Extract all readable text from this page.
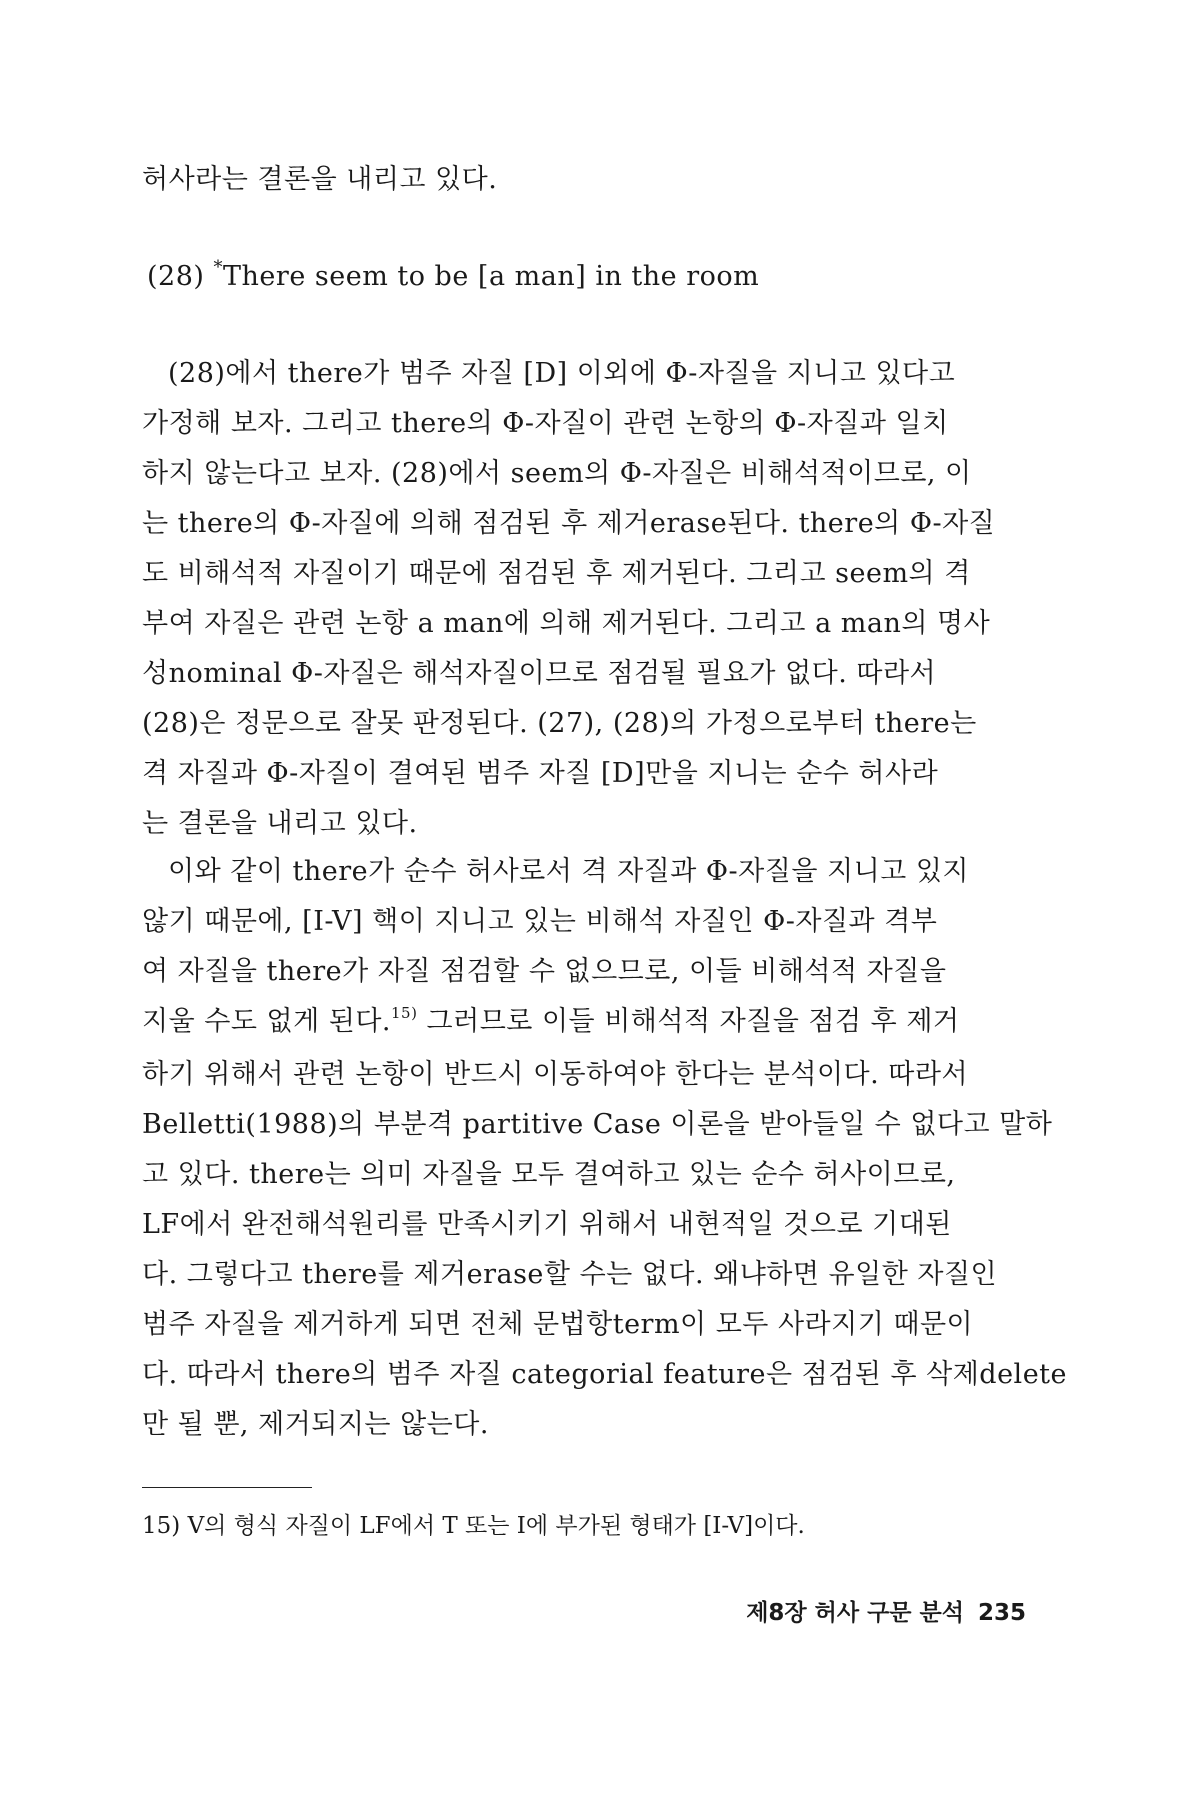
허사라는 결론을 내리고 있다.
(28) *There seem to be [a man] in the room
(28)에서 there가 범주 자질 [D] 이외에 Φ-자질을 지니고 있다고
가정해 보자. 그리고 there의 Φ-자질이 관련 논항의 Φ-자질과 일치
하지 않는다고 보자. (28)에서 seem의 Φ-자질은 비해석적이므로, 이
는 there의 Φ-자질에 의해 점검된 후 제거erase된다. there의 Φ-자질
도 비해석적 자질이기 때문에 점검된 후 제거된다. 그리고 seem의 격
부여 자질은 관련 논항 a man에 의해 제거된다. 그리고 a man의 명사
성nominal Φ-자질은 해석자질이므로 점검될 필요가 없다. 따라서
(28)은 정문으로 잘못 판정된다. (27), (28)의 가정으로부터 there는
격 자질과 Φ-자질이 결여된 범주 자질 [D]만을 지니는 순수 허사라
는 결론을 내리고 있다.
이와 같이 there가 순수 허사로서 격 자질과 Φ-자질을 지니고 있지
않기 때문에, [I-V] 핵이 지니고 있는 비해석 자질인 Φ-자질과 격부
여 자질을 there가 자질 점검할 수 없으므로, 이들 비해석적 자질을
지울 수도 없게 된다.$^{15)}$ 그러므로 이들 비해석적 자질을 점검 후 제거
하기 위해서 관련 논항이 반드시 이동하여야 한다는 분석이다. 따라서
Belletti(1988)의 부분격 partitive Case 이론을 받아들일 수 없다고 말하
고 있다. there는 의미 자질을 모두 결여하고 있는 순수 허사이므로,
LF에서 완전해석원리를 만족시키기 위해서 내현적일 것으로 기대된
다. 그렇다고 there를 제거erase할 수는 없다. 왜냐하면 유일한 자질인
범주 자질을 제거하게 되면 전체 문법항term이 모두 사라지기 때문이
다. 따라서 there의 범주 자질 categorial feature은 점검된 후 삭제delete
만 될 뿐, 제거되지는 않는다.
15) V의 형식 자질이 LF에서 T 또는 I에 부가된 형태가 [I-V]이다.
제8장 허사 구문 분석 235
